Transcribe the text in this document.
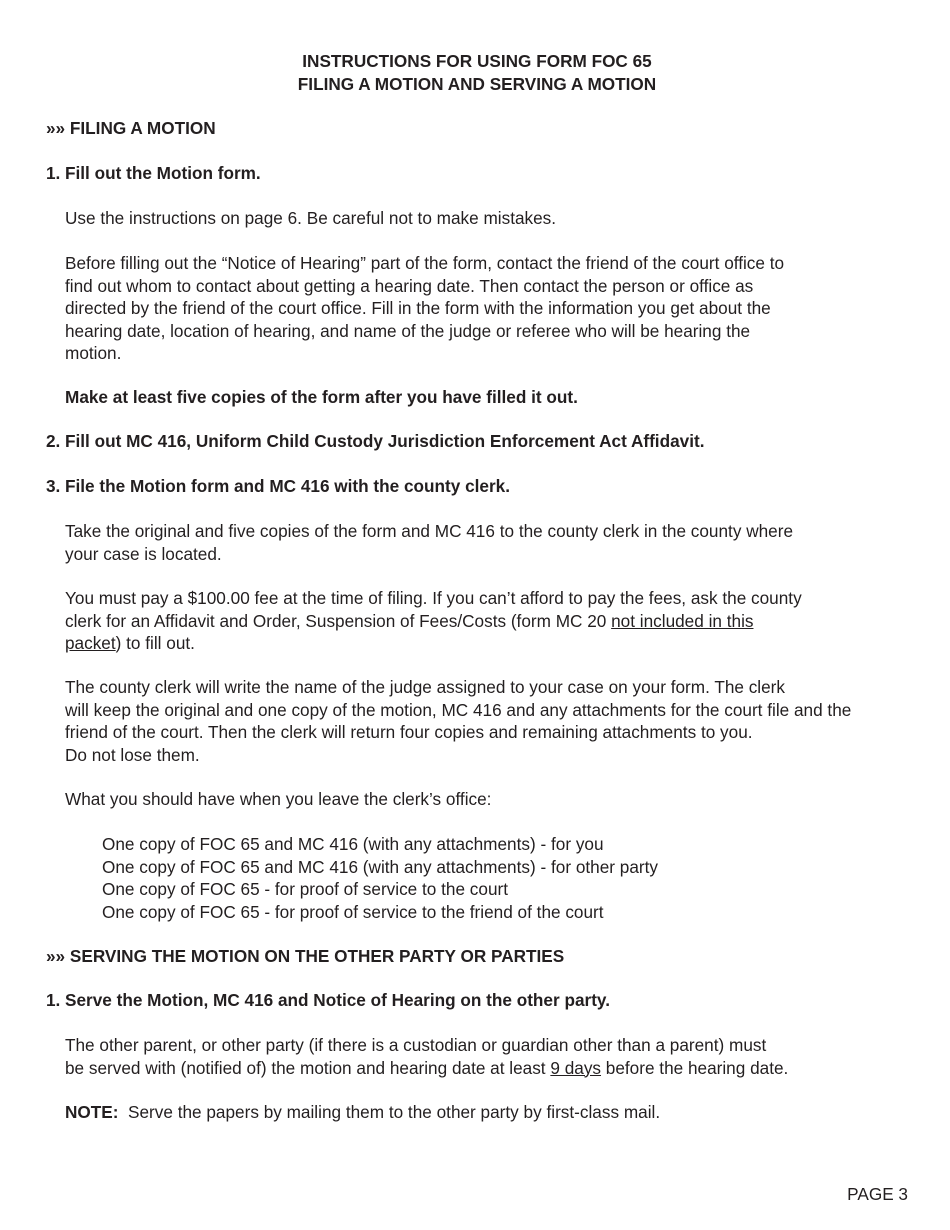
INSTRUCTIONS FOR USING FORM FOC 65
FILING A MOTION AND SERVING A MOTION
»» FILING A MOTION
1. Fill out the Motion form.
Use the instructions on page 6. Be careful not to make mistakes.
Before filling out the “Notice of Hearing” part of the form, contact the friend of the court office to
find out whom to contact about getting a hearing date. Then contact the person or office as
directed by the friend of the court office. Fill in the form with the information you get about the
hearing date, location of hearing, and name of the judge or referee who will be hearing the
motion.
Make at least five copies of the form after you have filled it out.
2. Fill out MC 416, Uniform Child Custody Jurisdiction Enforcement Act Affidavit.
3. File the Motion form and MC 416 with the county clerk.
Take the original and five copies of the form and MC 416 to the county clerk in the county where
your case is located.
You must pay a $100.00 fee at the time of filing. If you can’t afford to pay the fees, ask the county
clerk for an Affidavit and Order, Suspension of Fees/Costs (form MC 20 not included in this
packet) to fill out.
The county clerk will write the name of the judge assigned to your case on your form. The clerk
will keep the original and one copy of the motion, MC 416 and any attachments for the court file and the
friend of the court. Then the clerk will return four copies and remaining attachments to you.
Do not lose them.
What you should have when you leave the clerk’s office:
One copy of FOC 65 and MC 416 (with any attachments) - for you
One copy of FOC 65 and MC 416 (with any attachments) - for other party
One copy of FOC 65 - for proof of service to the court
One copy of FOC 65 - for proof of service to the friend of the court
»» SERVING THE MOTION ON THE OTHER PARTY OR PARTIES
1. Serve the Motion, MC 416 and Notice of Hearing on the other party.
The other parent, or other party (if there is a custodian or guardian other than a parent) must
be served with (notified of) the motion and hearing date at least 9 days before the hearing date.
NOTE:  Serve the papers by mailing them to the other party by first-class mail.
PAGE 3
